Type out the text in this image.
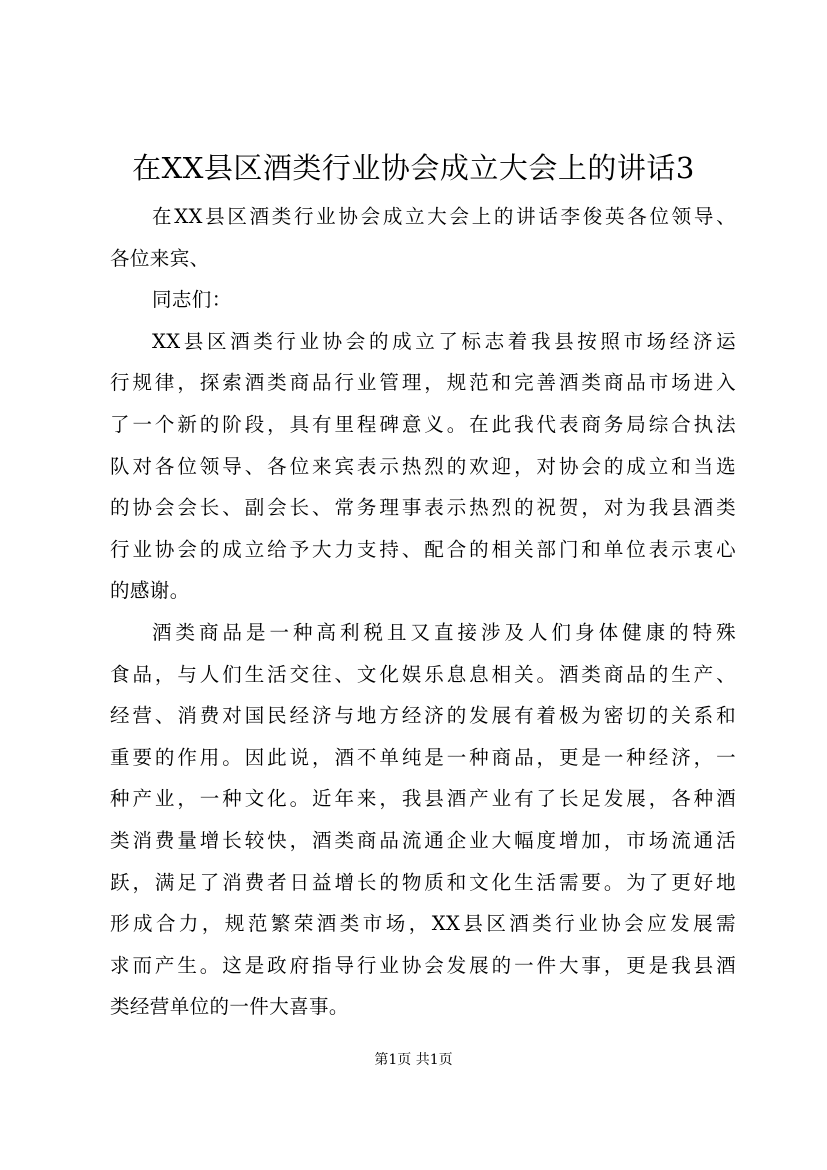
在XX县区酒类行业协会成立大会上的讲话3

在XX县区酒类行业协会成立大会上的讲话李俊英各位领导、
各位来宾、

同志们：

XX县区酒类行业协会的成立了标志着我县按照市场经济运
行规律，探索酒类商品行业管理，规范和完善酒类商品市场进入
了一个新的阶段，具有里程碑意义。在此我代表商务局综合执法
队对各位领导、各位来宾表示热烈的欢迎，对协会的成立和当选
的协会会长、副会长、常务理事表示热烈的祝贺，对为我县酒类
行业协会的成立给予大力支持、配合的相关部门和单位表示衷心
的感谢。

酒类商品是一种高利税且又直接涉及人们身体健康的特殊
食品，与人们生活交往、文化娱乐息息相关。酒类商品的生产、
经营、消费对国民经济与地方经济的发展有着极为密切的关系和
重要的作用。因此说，酒不单纯是一种商品，更是一种经济，一
种产业，一种文化。近年来，我县酒产业有了长足发展，各种酒
类消费量增长较快，酒类商品流通企业大幅度增加，市场流通活
跃，满足了消费者日益增长的物质和文化生活需要。为了更好地
形成合力，规范繁荣酒类市场，XX县区酒类行业协会应发展需
求而产生。这是政府指导行业协会发展的一件大事，更是我县酒
类经营单位的一件大喜事。

第1页 共1页
